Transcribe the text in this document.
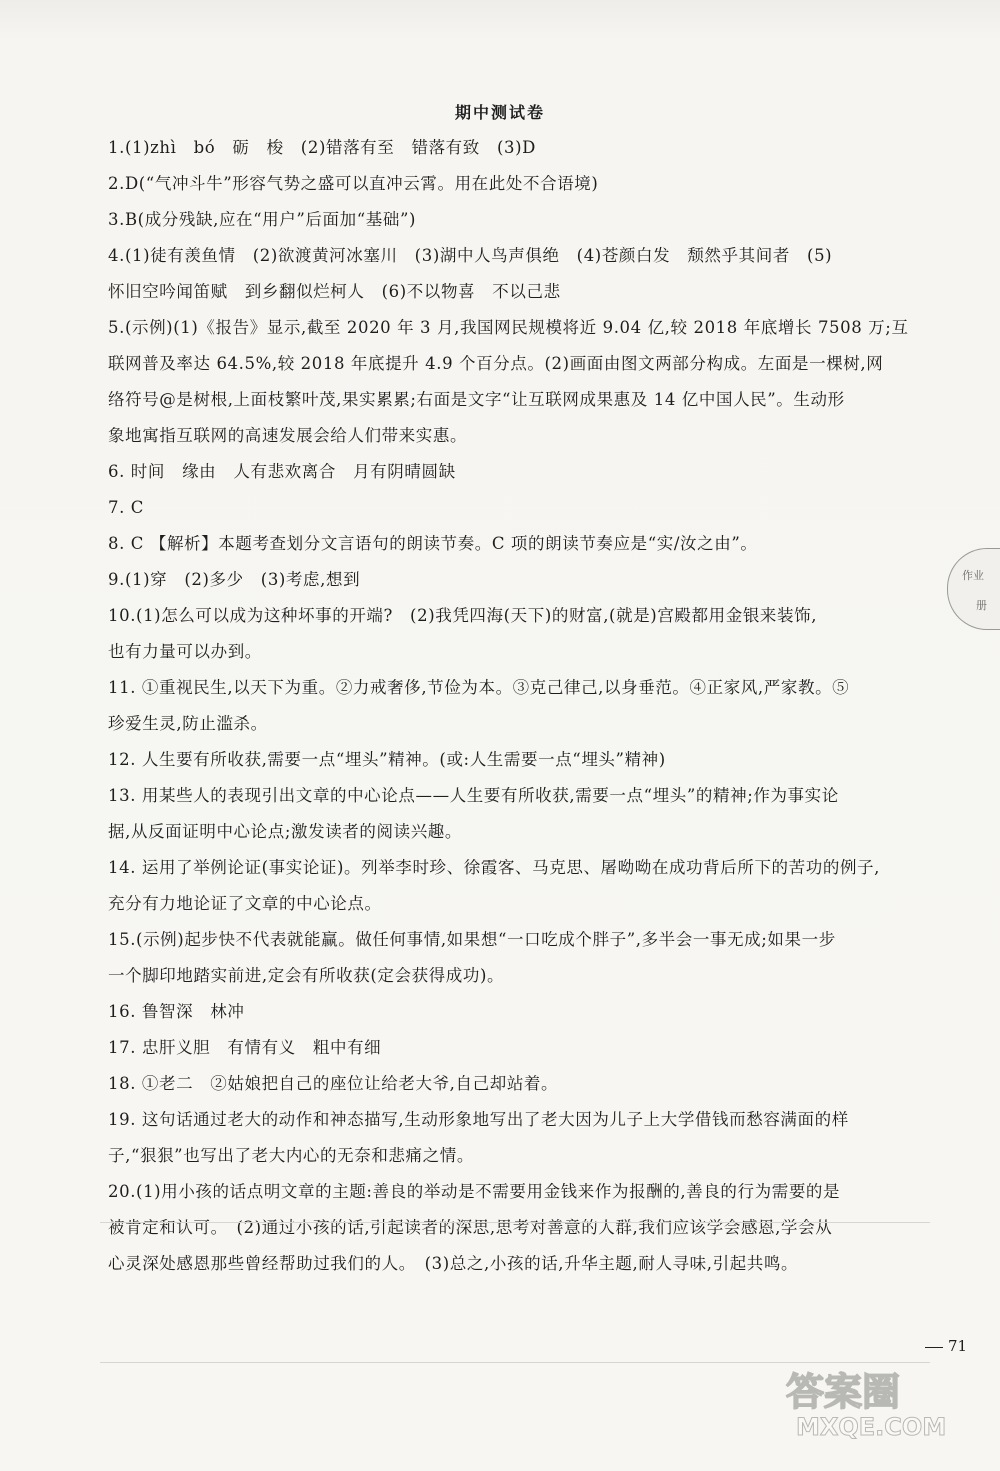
期中测试卷
1.(1)zhì　bó　砺　梭　(2)错落有至　错落有致　(3)D
2.D(“气冲斗牛”形容气势之盛可以直冲云霄。用在此处不合语境)
3.B(成分残缺,应在“用户”后面加“基础”)
4.(1)徒有羡鱼情　(2)欲渡黄河冰塞川　(3)湖中人鸟声俱绝　(4)苍颜白发　颓然乎其间者　(5)
怀旧空吟闻笛赋　到乡翻似烂柯人　(6)不以物喜　不以己悲
5.(示例)(1)《报告》显示,截至 2020 年 3 月,我国网民规模将近 9.04 亿,较 2018 年底增长 7508 万;互
联网普及率达 64.5%,较 2018 年底提升 4.9 个百分点。(2)画面由图文两部分构成。左面是一棵树,网
络符号@是树根,上面枝繁叶茂,果实累累;右面是文字“让互联网成果惠及 14 亿中国人民”。生动形
象地寓指互联网的高速发展会给人们带来实惠。
6. 时间　缘由　人有悲欢离合　月有阴晴圆缺
7. C
8. C 【解析】本题考查划分文言语句的朗读节奏。C 项的朗读节奏应是“实/汝之由”。
9.(1)穿　(2)多少　(3)考虑,想到
10.(1)怎么可以成为这种坏事的开端?　(2)我凭四海(天下)的财富,(就是)宫殿都用金银来装饰,
也有力量可以办到。
11. ①重视民生,以天下为重。②力戒奢侈,节俭为本。③克己律己,以身垂范。④正家风,严家教。⑤
珍爱生灵,防止滥杀。
12. 人生要有所收获,需要一点“埋头”精神。(或:人生需要一点“埋头”精神)
13. 用某些人的表现引出文章的中心论点——人生要有所收获,需要一点“埋头”的精神;作为事实论
据,从反面证明中心论点;激发读者的阅读兴趣。
14. 运用了举例论证(事实论证)。列举李时珍、徐霞客、马克思、屠呦呦在成功背后所下的苦功的例子,
充分有力地论证了文章的中心论点。
15.(示例)起步快不代表就能赢。做任何事情,如果想“一口吃成个胖子”,多半会一事无成;如果一步
一个脚印地踏实前进,定会有所收获(定会获得成功)。
16. 鲁智深　林冲
17. 忠肝义胆　有情有义　粗中有细
18. ①老二　②姑娘把自己的座位让给老大爷,自己却站着。
19. 这句话通过老大的动作和神态描写,生动形象地写出了老大因为儿子上大学借钱而愁容满面的样
子,“狠狠”也写出了老大内心的无奈和悲痛之情。
20.(1)用小孩的话点明文章的主题:善良的举动是不需要用金钱来作为报酬的,善良的行为需要的是
被肯定和认可。　(2)通过小孩的话,引起读者的深思,思考对善意的人群,我们应该学会感恩,学会从
心灵深处感恩那些曾经帮助过我们的人。　(3)总之,小孩的话,升华主题,耐人寻味,引起共鸣。
作业
册
71
答案圈
MXQE.COM
